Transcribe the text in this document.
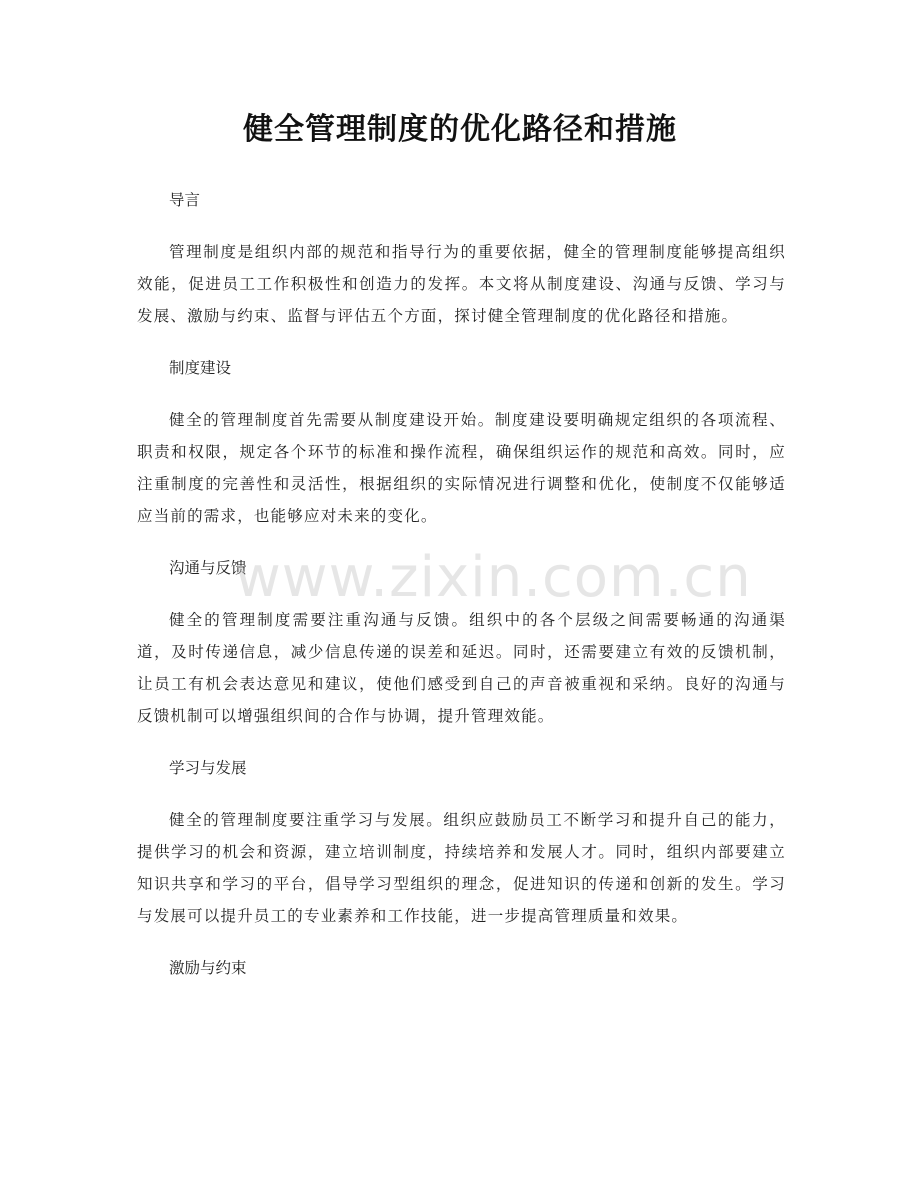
健全管理制度的优化路径和措施
导言
管理制度是组织内部的规范和指导行为的重要依据，健全的管理制度能够提高组织效能，促进员工工作积极性和创造力的发挥。本文将从制度建设、沟通与反馈、学习与发展、激励与约束、监督与评估五个方面，探讨健全管理制度的优化路径和措施。
制度建设
健全的管理制度首先需要从制度建设开始。制度建设要明确规定组织的各项流程、职责和权限，规定各个环节的标准和操作流程，确保组织运作的规范和高效。同时，应注重制度的完善性和灵活性，根据组织的实际情况进行调整和优化，使制度不仅能够适应当前的需求，也能够应对未来的变化。
沟通与反馈
健全的管理制度需要注重沟通与反馈。组织中的各个层级之间需要畅通的沟通渠道，及时传递信息，减少信息传递的误差和延迟。同时，还需要建立有效的反馈机制，让员工有机会表达意见和建议，使他们感受到自己的声音被重视和采纳。良好的沟通与反馈机制可以增强组织间的合作与协调，提升管理效能。
学习与发展
健全的管理制度要注重学习与发展。组织应鼓励员工不断学习和提升自己的能力，提供学习的机会和资源，建立培训制度，持续培养和发展人才。同时，组织内部要建立知识共享和学习的平台，倡导学习型组织的理念，促进知识的传递和创新的发生。学习与发展可以提升员工的专业素养和工作技能，进一步提高管理质量和效果。
激励与约束
www.zixin.com.cn
